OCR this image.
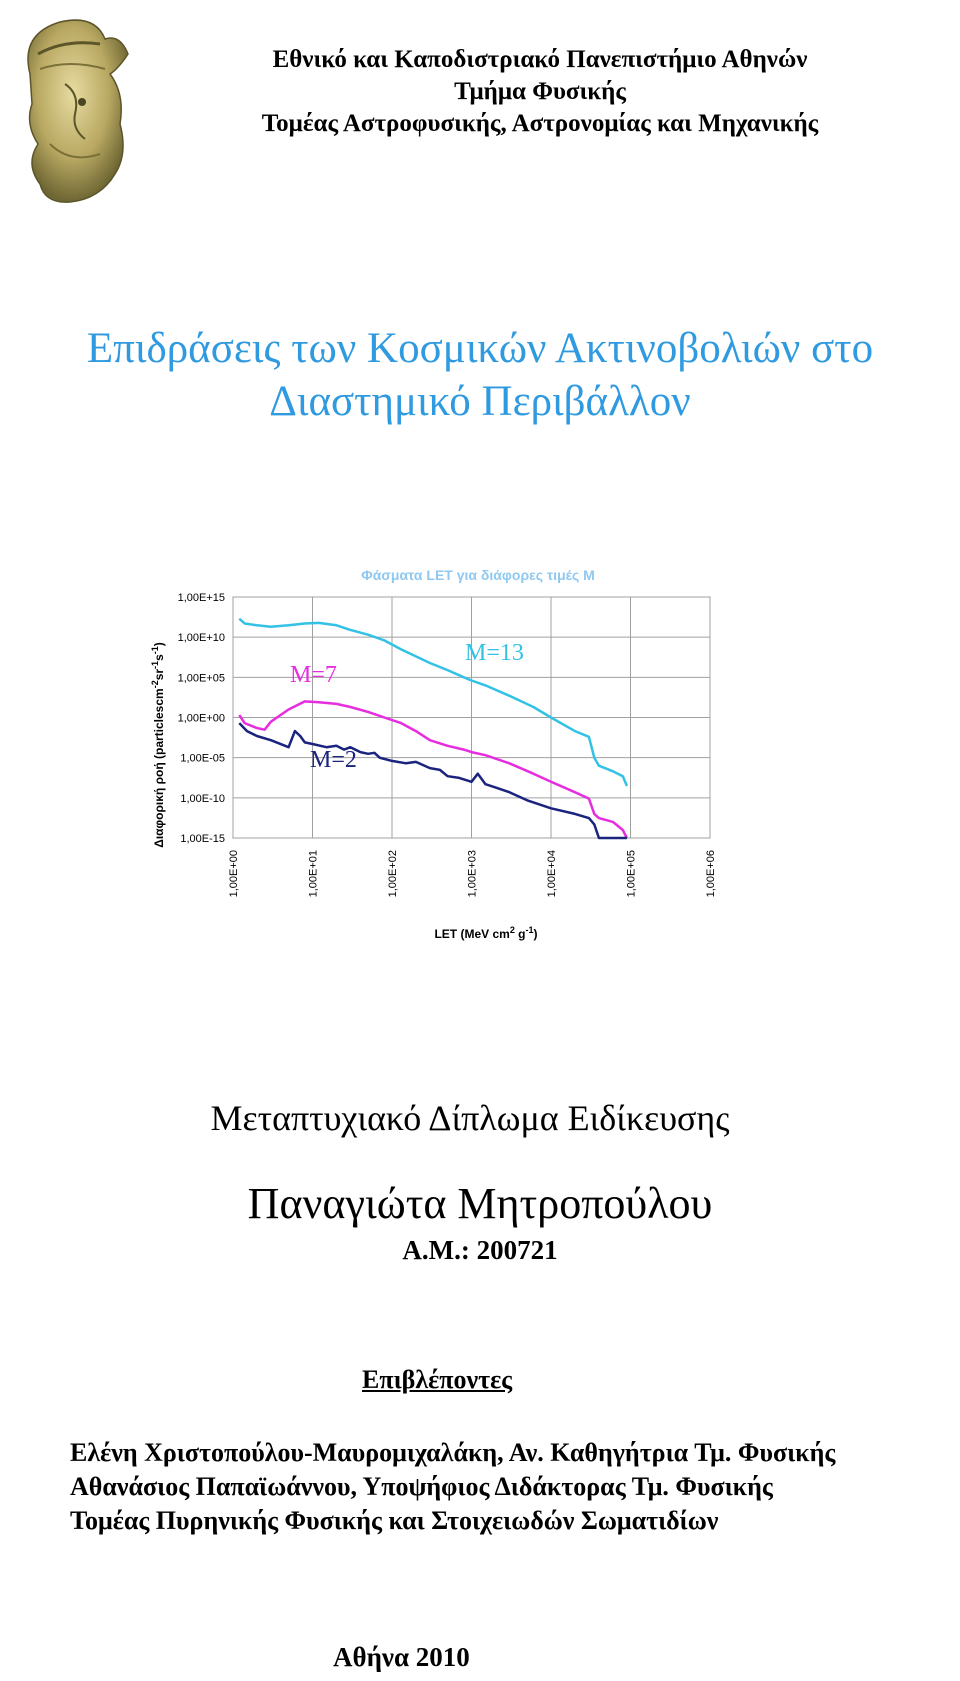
Εθνικό και Καποδιστριακό Πανεπιστήμιο Αθηνών
Τμήμα Φυσικής
Τομέας Αστροφυσικής, Αστρονομίας και Μηχανικής
Επιδράσεις των Κοσμικών Ακτινοβολιών στο
Διαστημικό Περιβάλλον
Φάσματα LET για διάφορες τιμές Μ
1,00E+15
1,00E+10
1,00E+05
1,00E+00
1,00E-05
1,00E-10
1,00E-15
1,00E+00	1,00E+01	1,00E+02	1,00E+03	1,00E+04	1,00E+05	1,00E+06
M=7
M=13
M=2
Διαφορική ροή $(particlescm^{-2}sr^{-1}s^{-1})$
LET (MeV $cm^2$ $g^{-1}$)
Μεταπτυχιακό Δίπλωμα Ειδίκευσης
Παναγιώτα Μητροπούλου
Α.Μ.: 200721
Επιβλέποντες
Ελένη Χριστοπούλου-Μαυρομιχαλάκη, Αν. Καθηγήτρια Τμ. Φυσικής
Αθανάσιος Παπαϊωάννου, Υποψήφιος Διδάκτορας Τμ. Φυσικής
Τομέας Πυρηνικής Φυσικής και Στοιχειωδών Σωματιδίων
Αθήνα 2010
